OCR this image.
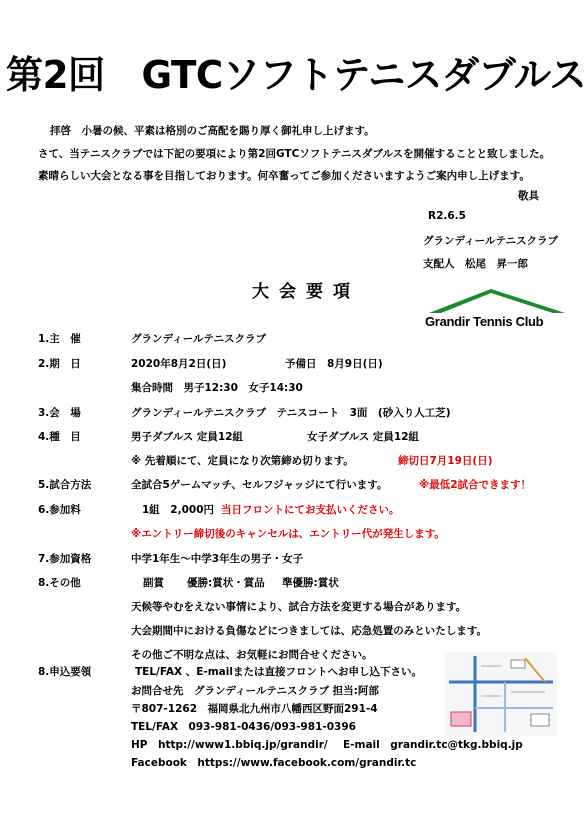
第2回　GTCソフトテニスダブルス
拝啓　小暑の候、平素は格別のご高配を賜り厚く御礼申し上げます。
さて、当テニスクラブでは下記の要項により第2回GTCソフトテニスダブルスを開催することと致しました。
素晴らしい大会となる事を目指しております。何卒奮ってご参加くださいますようご案内申し上げます。
敬具
R2.6.5
グランディールテニスクラブ
支配人　松尾　昇一郎
大会要項
Grandir Tennis Club
1.主　催	グランディールテニスクラブ
2.期　日	2020年8月2日(日)	予備日　8月9日(日)
集合時間　男子12:30　女子14:30
3.会　場	グランディールテニスクラブ　テニスコート　3面　(砂入り人工芝)
4.種　目	男子ダブルス 定員12組	女子ダブルス 定員12組
※ 先着順にて、定員になり次第締め切ります。	締切日7月19日(日)
5.試合方法	全試合5ゲームマッチ、セルフジャッジにて行います。	※最低2試合できます！
6.参加料	1組　2,000円 当日フロントにてお支払いください。
※エントリー締切後のキャンセルは、エントリー代が発生します。
7.参加資格	中学1年生～中学3年生の男子・女子
8.その他	副賞 優勝:賞状・賞品 準優勝:賞状
天候等やむをえない事情により、試合方法を変更する場合があります。
大会期間中における負傷などにつきましては、応急処置のみといたします。
その他ご不明な点は、お気軽にお問合せください。
8.申込要領	TEL/FAX 、E-mailまたは直接フロントへお申し込下さい。
お問合せ先　グランディールテニスクラブ 担当:阿部
〒807-1262　福岡県北九州市八幡西区野面291-4
TEL/FAX　093-981-0436/093-981-0396
HP　http://www1.bbiq.jp/grandir/ E-mail　grandir.tc@tkg.bbiq.jp
Facebook　https://www.facebook.com/grandir.tc
